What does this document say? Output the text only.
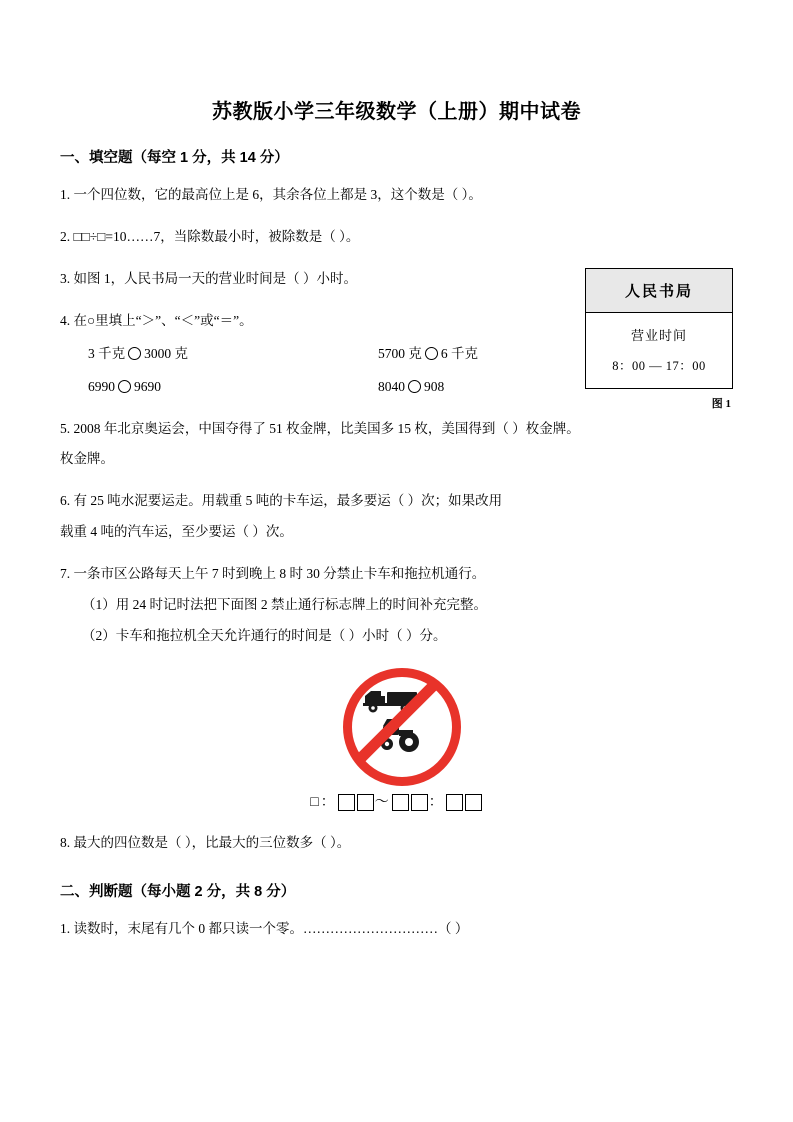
苏教版小学三年级数学（上册）期中试卷
一、填空题（每空 1 分，共 14 分）
1. 一个四位数，它的最高位上是 6，其余各位上都是 3，这个数是（ ）。
2. □□÷□=10……7，当除数最小时，被除数是（ ）。
3. 如图 1，人民书局一天的营业时间是（ ）小时。
4. 在○里填上“＞”、“＜”或“＝”。
3 千克 3000 克	5700 克 6 千克
6990 9690	8040 908
5. 2008 年北京奥运会，中国夺得了 51 枚金牌，比美国多 15 枚，美国得到（ ）枚金牌。
枚金牌。
6. 有 25 吨水泥要运走。用载重 5 吨的卡车运，最多要运（ ）次；如果改用
载重 4 吨的汽车运，至少要运（ ）次。
7. 一条市区公路每天上午 7 时到晚上 8 时 30 分禁止卡车和拖拉机通行。
（1）用 24 时记时法把下面图 2 禁止通行标志牌上的时间补充完整。
（2）卡车和拖拉机全天允许通行的时间是（ ）小时（ ）分。
□：	～	：
8. 最大的四位数是（ ），比最大的三位数多（ ）。
二、判断题（每小题 2 分，共 8 分）
1. 读数时，末尾有几个 0 都只读一个零。…………………………（ ）
人民书局
营业时间
8：00 — 17：00
图 1
